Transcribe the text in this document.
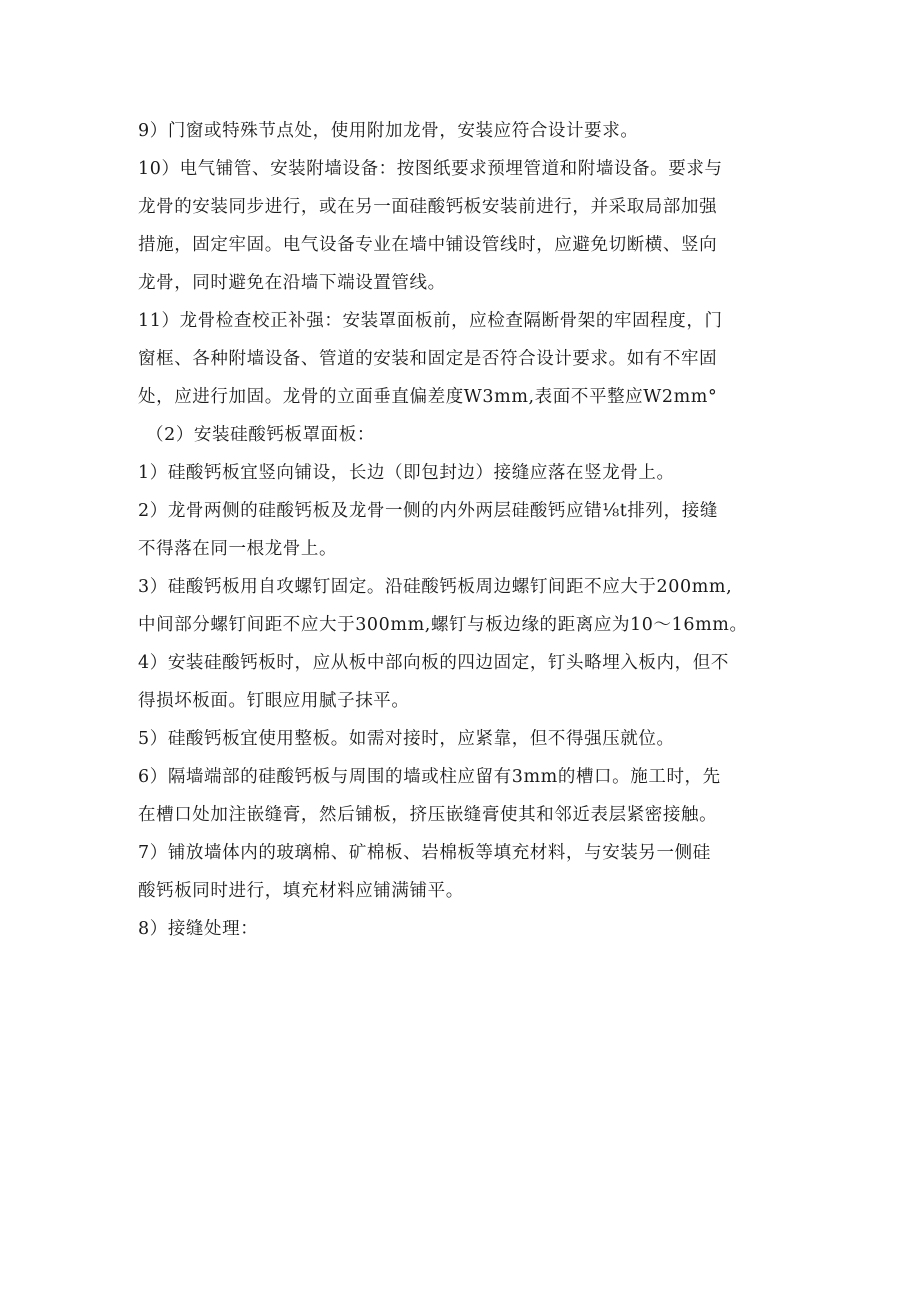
9）门窗或特殊节点处，使用附加龙骨，安装应符合设计要求。
10）电气铺管、安装附墙设备：按图纸要求预埋管道和附墙设备。要求与
龙骨的安装同步进行，或在另一面硅酸钙板安装前进行，并采取局部加强
措施，固定牢固。电气设备专业在墙中铺设管线时，应避免切断横、竖向
龙骨，同时避免在沿墙下端设置管线。
11）龙骨检查校正补强：安装罩面板前，应检查隔断骨架的牢固程度，门
窗框、各种附墙设备、管道的安装和固定是否符合设计要求。如有不牢固
处，应进行加固。龙骨的立面垂直偏差度W3mm,表面不平整应W2mm°
（2）安装硅酸钙板罩面板：
1）硅酸钙板宜竖向铺设，长边（即包封边）接缝应落在竖龙骨上。
2）龙骨两侧的硅酸钙板及龙骨一侧的内外两层硅酸钙应错⅛t排列，接缝
不得落在同一根龙骨上。
3）硅酸钙板用自攻螺钉固定。沿硅酸钙板周边螺钉间距不应大于200mm,
中间部分螺钉间距不应大于300mm,螺钉与板边缘的距离应为10～16mm。
4）安装硅酸钙板时，应从板中部向板的四边固定，钉头略埋入板内，但不
得损坏板面。钉眼应用腻子抹平。
5）硅酸钙板宜使用整板。如需对接时，应紧靠，但不得强压就位。
6）隔墙端部的硅酸钙板与周围的墙或柱应留有3mm的槽口。施工时，先
在槽口处加注嵌缝膏，然后铺板，挤压嵌缝膏使其和邻近表层紧密接触。
7）铺放墙体内的玻璃棉、矿棉板、岩棉板等填充材料，与安装另一侧硅
酸钙板同时进行，填充材料应铺满铺平。
8）接缝处理：
